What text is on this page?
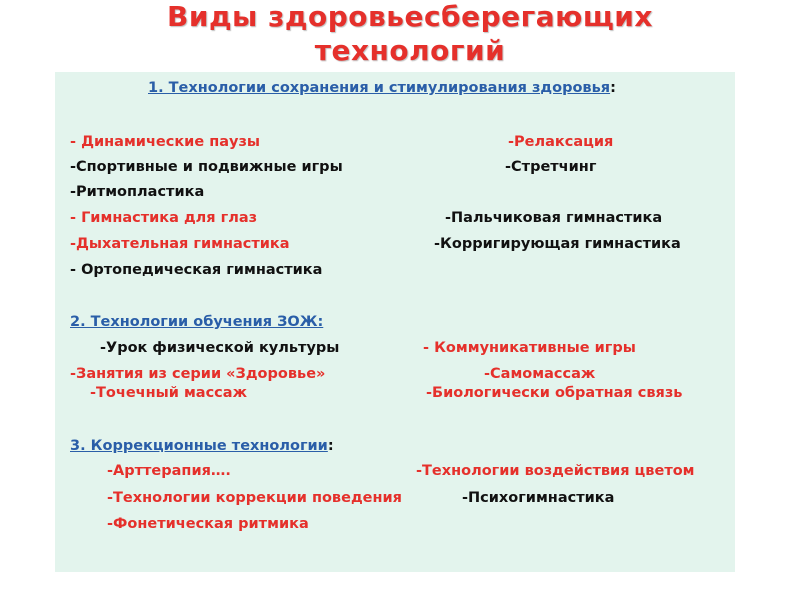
Виды здоровьесберегающих
технологий
1. Технологии сохранения и стимулирования здоровья:
- Динамические паузы	-Релаксация
-Спортивные и подвижные игры	-Стретчинг
-Ритмопластика
- Гимнастика для глаз	-Пальчиковая гимнастика
-Дыхательная гимнастика	-Корригирующая гимнастика
- Ортопедическая гимнастика
2. Технологии обучения ЗОЖ:
-Урок физической культуры	- Коммуникативные игры
-Занятия из серии «Здоровье»	-Самомассаж
-Точечный массаж	-Биологически обратная связь
3. Коррекционные технологии:
-Арттерапия….	-Технологии воздействия цветом
-Технологии коррекции поведения	-Психогимнастика
-Фонетическая ритмика
